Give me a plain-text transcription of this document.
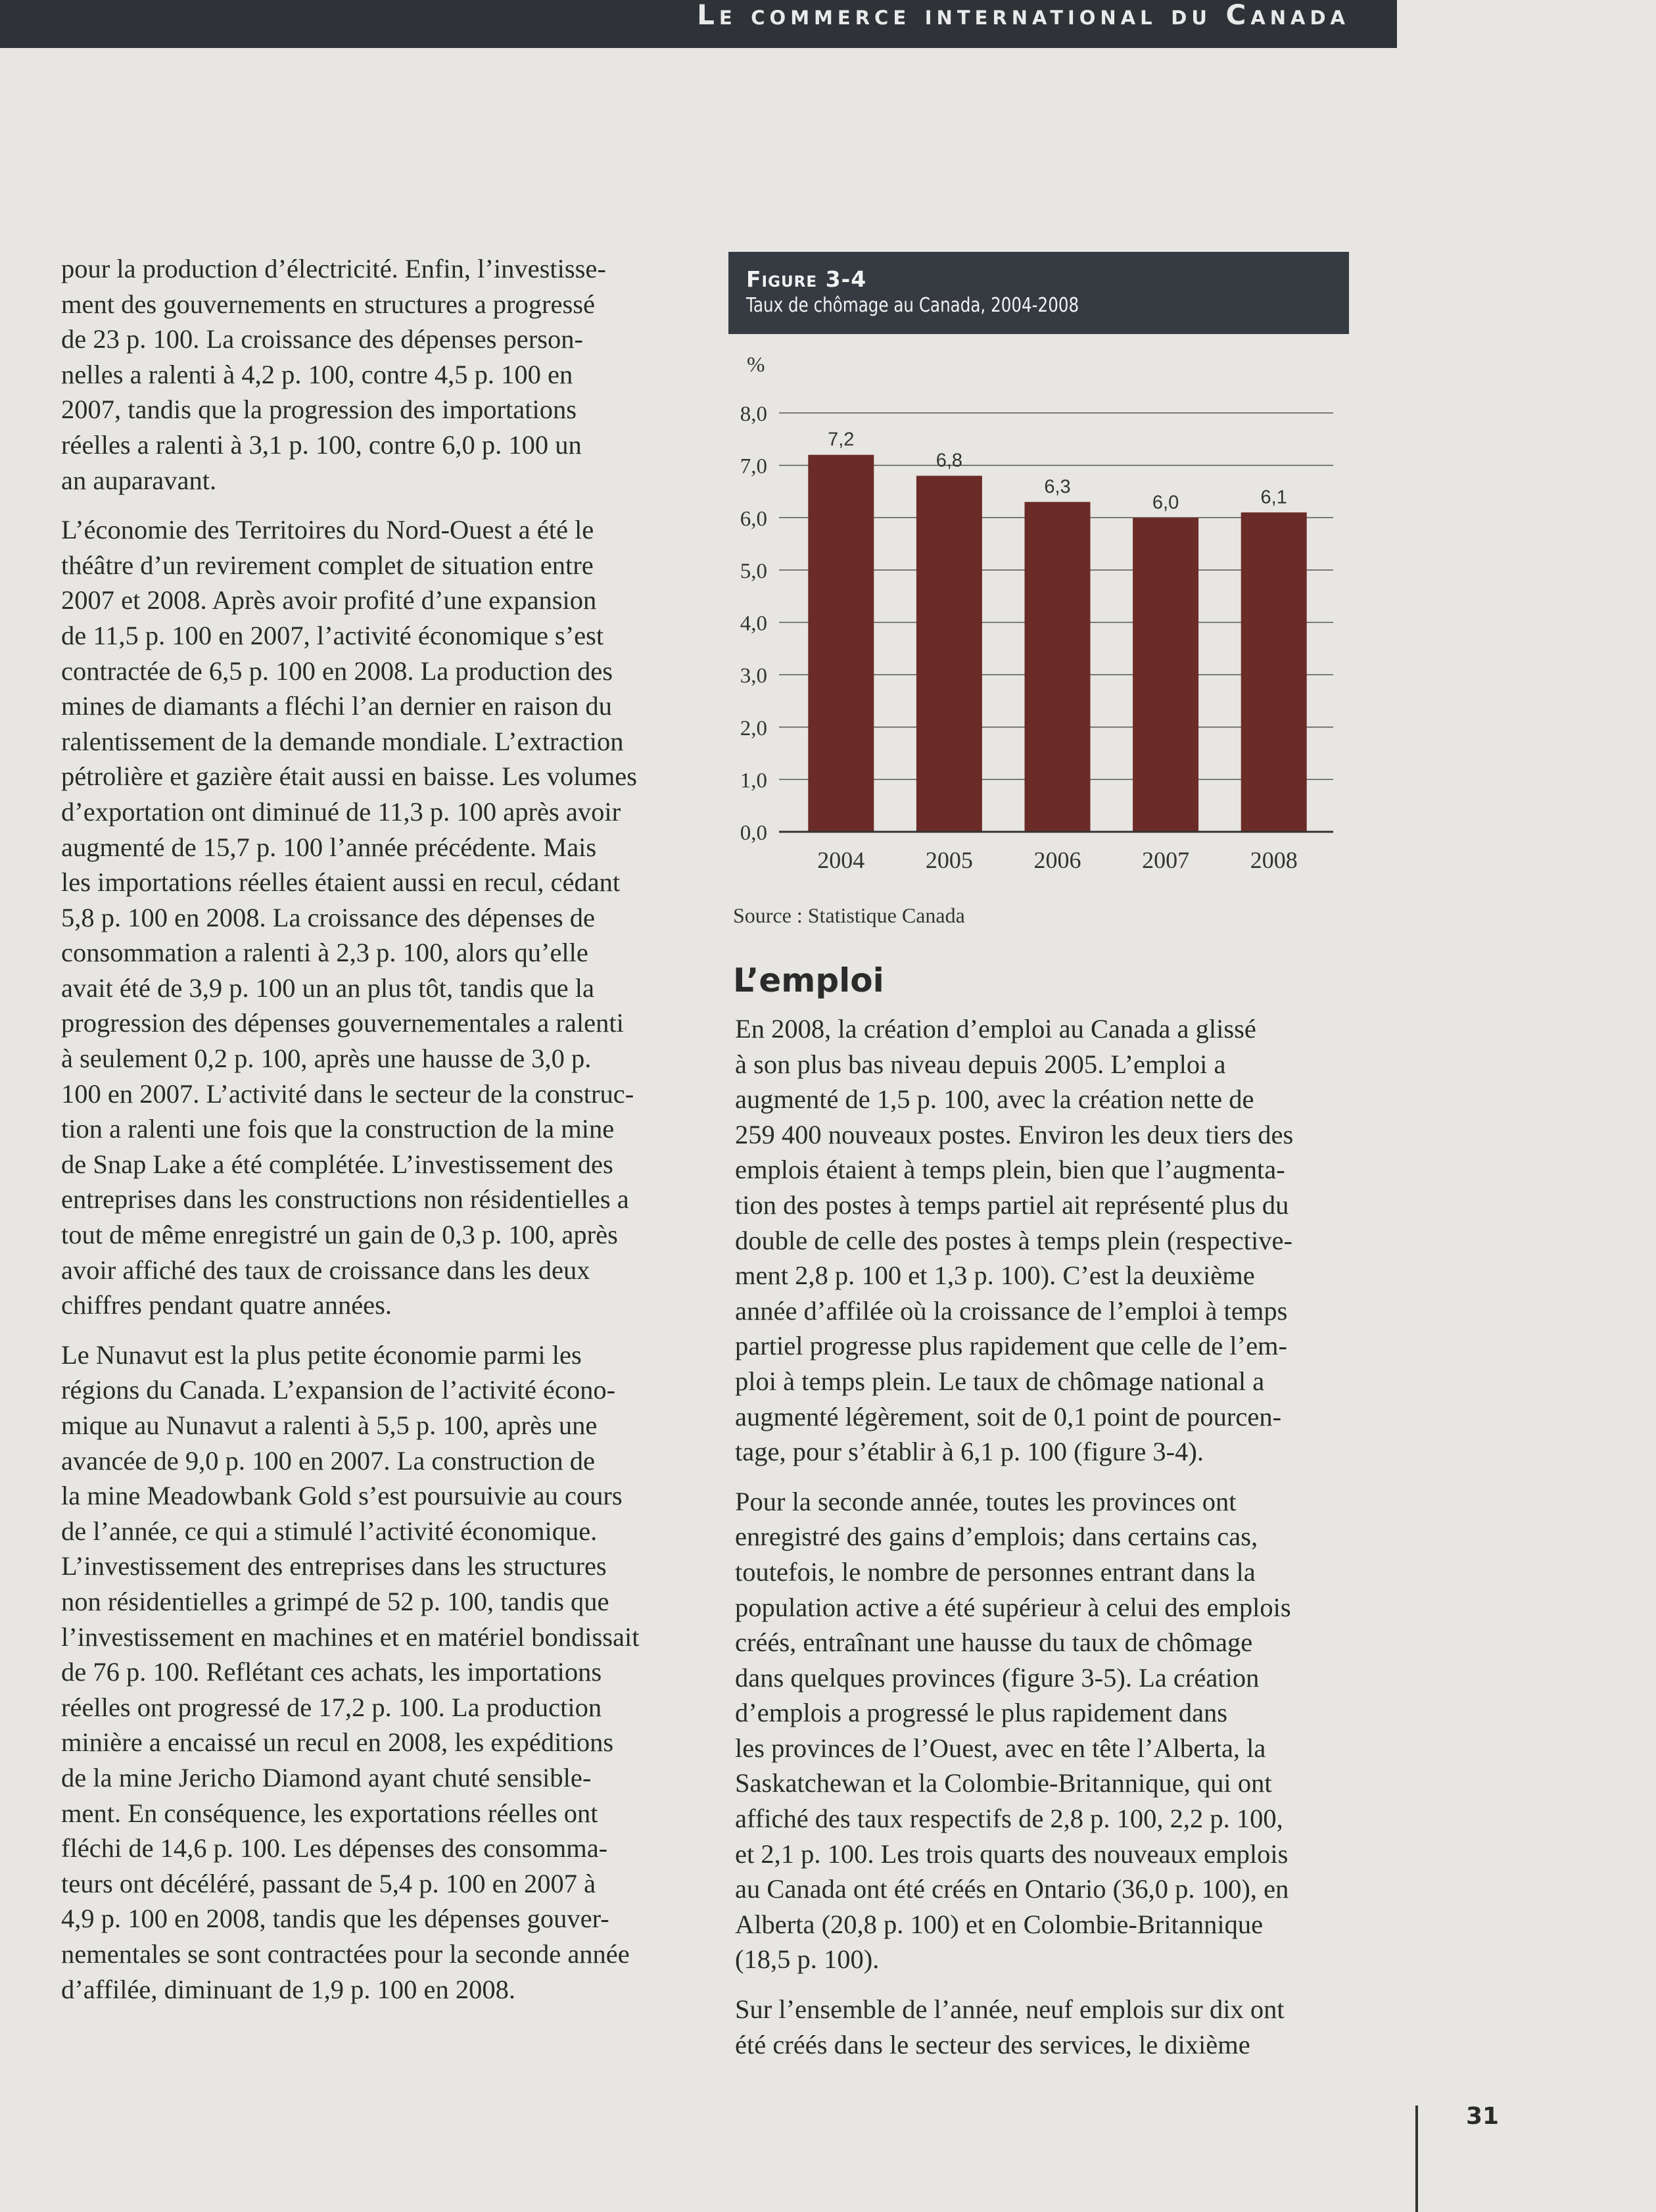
Le commerce international du Canada
pour la production d’électricité. Enfin, l’investisse-
ment des gouvernements en structures a progressé
de 23 p. 100. La croissance des dépenses person-
nelles a ralenti à 4,2 p. 100, contre 4,5 p. 100 en
2007, tandis que la progression des importations
réelles a ralenti à 3,1 p. 100, contre 6,0 p. 100 un
an auparavant.
L’économie des Territoires du Nord-Ouest a été le
théâtre d’un revirement complet de situation entre
2007 et 2008. Après avoir profité d’une expansion
de 11,5 p. 100 en 2007, l’activité économique s’est
contractée de 6,5 p. 100 en 2008. La production des
mines de diamants a fléchi l’an dernier en raison du
ralentissement de la demande mondiale. L’extraction
pétrolière et gazière était aussi en baisse. Les volumes
d’exportation ont diminué de 11,3 p. 100 après avoir
augmenté de 15,7 p. 100 l’année précédente. Mais
les importations réelles étaient aussi en recul, cédant
5,8 p. 100 en 2008. La croissance des dépenses de
consommation a ralenti à 2,3 p. 100, alors qu’elle
avait été de 3,9 p. 100 un an plus tôt, tandis que la
progression des dépenses gouvernementales a ralenti
à seulement 0,2 p. 100, après une hausse de 3,0 p.
100 en 2007. L’activité dans le secteur de la construc-
tion a ralenti une fois que la construction de la mine
de Snap Lake a été complétée. L’investissement des
entreprises dans les constructions non résidentielles a
tout de même enregistré un gain de 0,3 p. 100, après
avoir affiché des taux de croissance dans les deux
chiffres pendant quatre années.
Le Nunavut est la plus petite économie parmi les
régions du Canada. L’expansion de l’activité écono-
mique au Nunavut a ralenti à 5,5 p. 100, après une
avancée de 9,0 p. 100 en 2007. La construction de
la mine Meadowbank Gold s’est poursuivie au cours
de l’année, ce qui a stimulé l’activité économique.
L’investissement des entreprises dans les structures
non résidentielles a grimpé de 52 p. 100, tandis que
l’investissement en machines et en matériel bondissait
de 76 p. 100. Reflétant ces achats, les importations
réelles ont progressé de 17,2 p. 100. La production
minière a encaissé un recul en 2008, les expéditions
de la mine Jericho Diamond ayant chuté sensible-
ment. En conséquence, les exportations réelles ont
fléchi de 14,6 p. 100. Les dépenses des consomma-
teurs ont décéléré, passant de 5,4 p. 100 en 2007 à
4,9 p. 100 en 2008, tandis que les dépenses gouver-
nementales se sont contractées pour la seconde année
d’affilée, diminuant de 1,9 p. 100 en 2008.
Figure 3-4
Taux de chômage au Canada, 2004-2008
%
0,0
1,0
2,0
3,0
4,0
5,0
6,0
7,0
8,0
7,2
2004
6,8
2005
6,3
2006
6,0
2007
6,1
2008
Source : Statistique Canada
L’emploi
En 2008, la création d’emploi au Canada a glissé
à son plus bas niveau depuis 2005. L’emploi a
augmenté de 1,5 p. 100, avec la création nette de
259 400 nouveaux postes. Environ les deux tiers des
emplois étaient à temps plein, bien que l’augmenta-
tion des postes à temps partiel ait représenté plus du
double de celle des postes à temps plein (respective-
ment 2,8 p. 100 et 1,3 p. 100). C’est la deuxième
année d’affilée où la croissance de l’emploi à temps
partiel progresse plus rapidement que celle de l’em-
ploi à temps plein. Le taux de chômage national a
augmenté légèrement, soit de 0,1 point de pourcen-
tage, pour s’établir à 6,1 p. 100 (figure 3-4).
Pour la seconde année, toutes les provinces ont
enregistré des gains d’emplois; dans certains cas,
toutefois, le nombre de personnes entrant dans la
population active a été supérieur à celui des emplois
créés, entraînant une hausse du taux de chômage
dans quelques provinces (figure 3-5). La création
d’emplois a progressé le plus rapidement dans
les provinces de l’Ouest, avec en tête l’Alberta, la
Saskatchewan et la Colombie-Britannique, qui ont
affiché des taux respectifs de 2,8 p. 100, 2,2 p. 100,
et 2,1 p. 100. Les trois quarts des nouveaux emplois
au Canada ont été créés en Ontario (36,0 p. 100), en
Alberta (20,8 p. 100) et en Colombie-Britannique
(18,5 p. 100).
Sur l’ensemble de l’année, neuf emplois sur dix ont
été créés dans le secteur des services, le dixième
31
